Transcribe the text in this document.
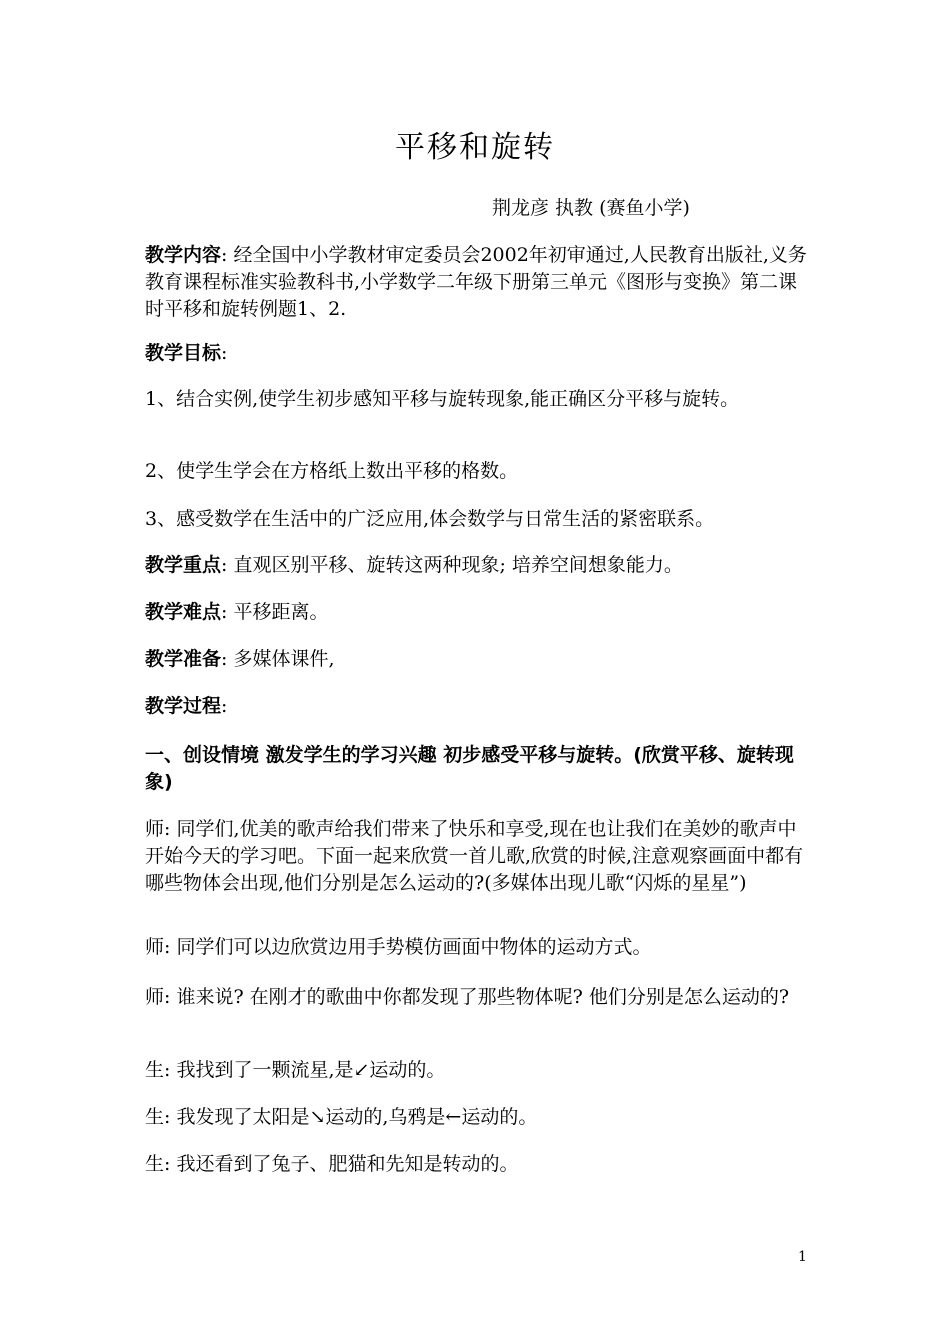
平移和旋转
荆龙彦 执教 (赛鱼小学)

教学内容: 经全国中小学教材审定委员会2002年初审通过,人民教育出版社,义务教育课程标准实验教科书,小学数学二年级下册第三单元《图形与变换》第二课时平移和旋转例题1、2.

教学目标:

1、结合实例,使学生初步感知平移与旋转现象,能正确区分平移与旋转。

2、使学生学会在方格纸上数出平移的格数。

3、感受数学在生活中的广泛应用,体会数学与日常生活的紧密联系。

教学重点: 直观区别平移、旋转这两种现象; 培养空间想象能力。

教学难点: 平移距离。

教学准备: 多媒体课件,

教学过程:

一、创设情境 激发学生的学习兴趣 初步感受平移与旋转。(欣赏平移、旋转现象)

师: 同学们,优美的歌声给我们带来了快乐和享受,现在也让我们在美妙的歌声中开始今天的学习吧。下面一起来欣赏一首儿歌,欣赏的时候,注意观察画面中都有哪些物体会出现,他们分别是怎么运动的?(多媒体出现儿歌“闪烁的星星”)

师: 同学们可以边欣赏边用手势模仿画面中物体的运动方式。

师: 谁来说? 在刚才的歌曲中你都发现了那些物体呢? 他们分别是怎么运动的?

生: 我找到了一颗流星,是↙运动的。

生: 我发现了太阳是↘运动的,乌鸦是←运动的。

生: 我还看到了兔子、肥猫和先知是转动的。

1
